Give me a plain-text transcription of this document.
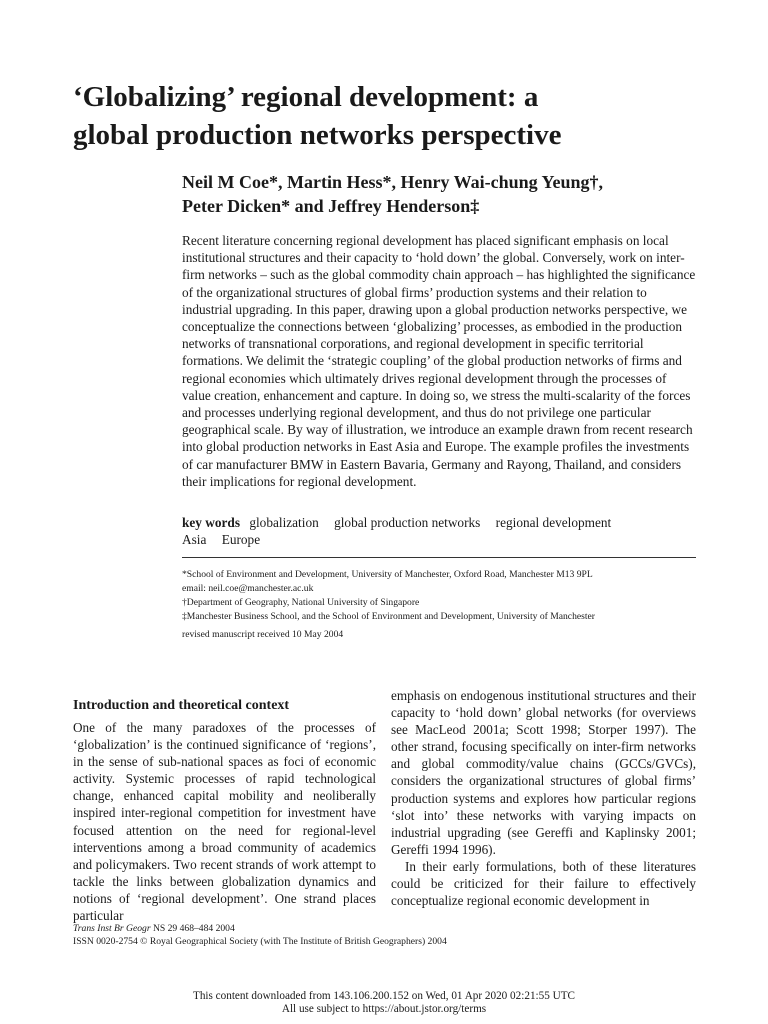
‘Globalizing’ regional development: a
global production networks perspective
Neil M Coe*, Martin Hess*, Henry Wai-chung Yeung†,
Peter Dicken* and Jeffrey Henderson‡

Recent literature concerning regional development has placed significant emphasis on local institutional structures and their capacity to ‘hold down’ the global. Conversely, work on inter-firm networks – such as the global commodity chain approach – has highlighted the significance of the organizational structures of global firms’ production systems and their relation to industrial upgrading. In this paper, drawing upon a global production networks perspective, we conceptualize the connections between ‘globalizing’ processes, as embodied in the production networks of transnational corporations, and regional development in specific territorial formations. We delimit the ‘strategic coupling’ of the global production networks of firms and regional economies which ultimately drives regional development through the processes of value creation, enhancement and capture. In doing so, we stress the multi-scalarity of the forces and processes underlying regional development, and thus do not privilege one particular geographical scale. By way of illustration, we introduce an example drawn from recent research into global production networks in East Asia and Europe. The example profiles the investments of car manufacturer BMW in Eastern Bavaria, Germany and Rayong, Thailand, and considers their implications for regional development.

key words globalization global production networks regional development
Asia Europe
*School of Environment and Development, University of Manchester, Oxford Road, Manchester M13 9PL
email: neil.coe@manchester.ac.uk
†Department of Geography, National University of Singapore
‡Manchester Business School, and the School of Environment and Development, University of Manchester
revised manuscript received 10 May 2004
Introduction and theoretical context

One of the many paradoxes of the processes of ‘globalization’ is the continued significance of ‘regions’, in the sense of sub-national spaces as foci of economic activity. Systemic processes of rapid technological change, enhanced capital mobility and neoliberally inspired inter-regional competition for investment have focused attention on the need for regional-level interventions among a broad community of academics and policymakers. Two recent strands of work attempt to tackle the links between globalization dynamics and notions of ‘regional development’. One strand places particular

emphasis on endogenous institutional structures and their capacity to ‘hold down’ global networks (for overviews see MacLeod 2001a; Scott 1998; Storper 1997). The other strand, focusing specifically on inter-firm networks and global commodity/value chains (GCCs/GVCs), considers the organizational structures of global firms’ production systems and explores how particular regions ‘slot into’ these networks with varying impacts on industrial upgrading (see Gereffi and Kaplinsky 2001; Gereffi 1994 1996).

In their early formulations, both of these literatures could be criticized for their failure to effectively conceptualize regional economic development in

Trans Inst Br Geogr NS 29 468–484 2004
ISSN 0020-2754 © Royal Geographical Society (with The Institute of British Geographers) 2004
This content downloaded from 143.106.200.152 on Wed, 01 Apr 2020 02:21:55 UTC
All use subject to https://about.jstor.org/terms
